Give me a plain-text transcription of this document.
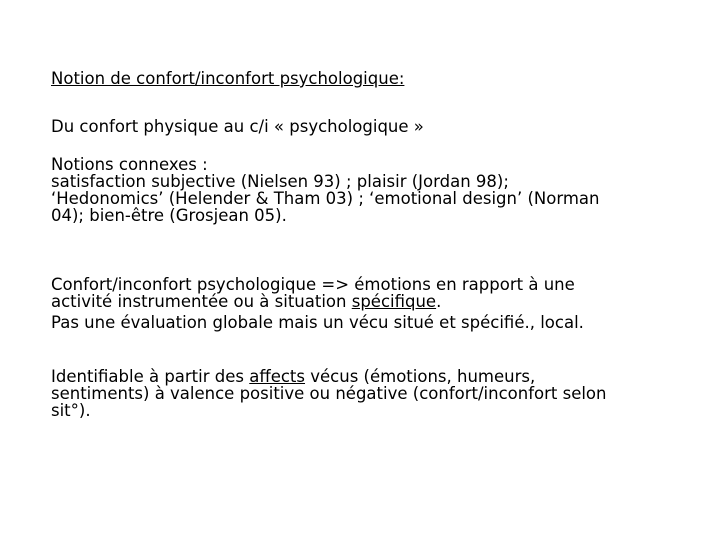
Notion de confort/inconfort psychologique:
Du confort physique au c/i « psychologique »
Notions connexes :
satisfaction subjective (Nielsen 93) ; plaisir (Jordan 98);
‘Hedonomics’ (Helender & Tham 03) ; ‘emotional design’ (Norman
04); bien-être (Grosjean 05).
Confort/inconfort psychologique => émotions en rapport à une
activité instrumentée ou à situation spécifique.
Pas une évaluation globale mais un vécu situé et spécifié., local.
Identifiable à partir des affects vécus (émotions, humeurs,
sentiments) à valence positive ou négative (confort/inconfort selon
sit°).
